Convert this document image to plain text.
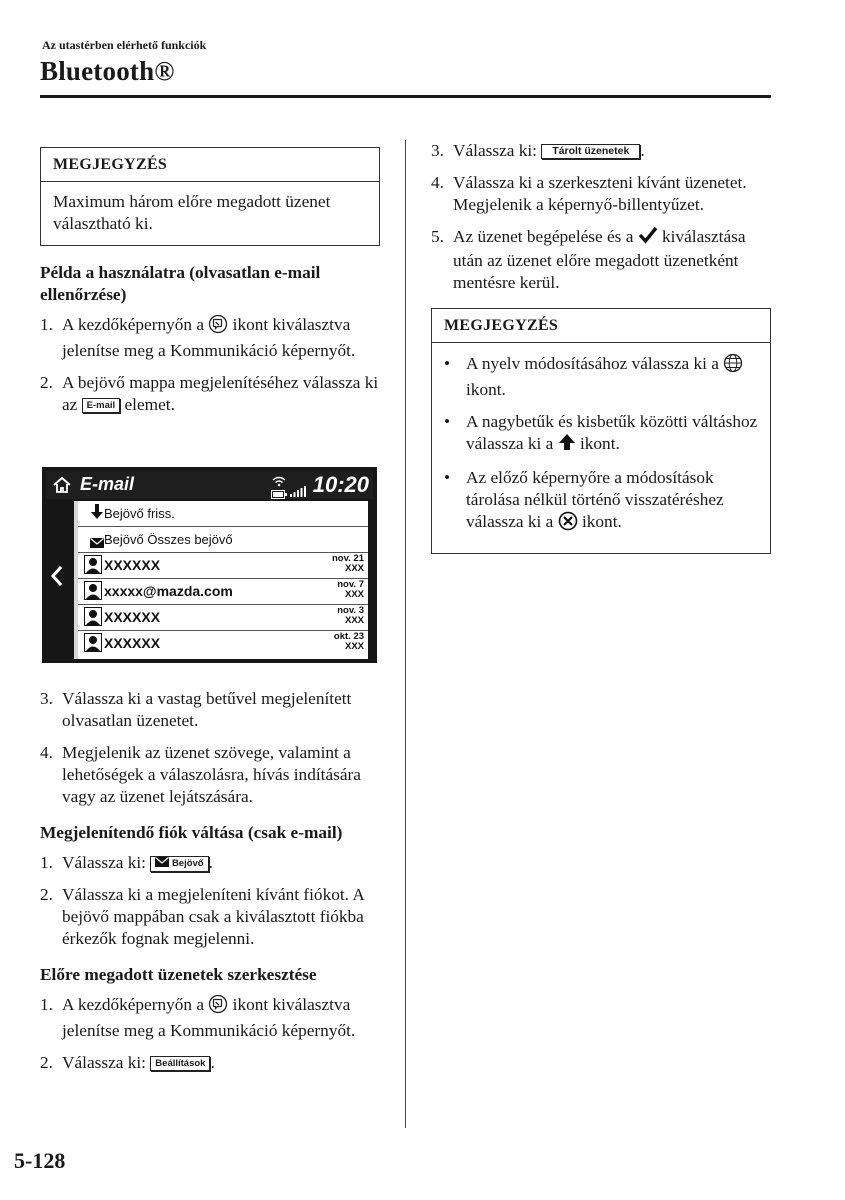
Az utastérben elérhető funkciók
Bluetooth®
MEGJEGYZÉS
Maximum három előre megadott üzenet választható ki.
Példa a használatra (olvasatlan e-mail ellenőrzése)
1. A kezdőképernyőn a  ikont kiválasztva jelenítse meg a Kommunikáció képernyőt.
2. A bejövő mappa megjelenítéséhez válassza ki az E-mail elemet.
E-mail	10:20
Bejövő friss.
Bejövő Összes bejövő
XXXXXX	nov. 21
XXX
xxxxx@mazda.com	nov. 7
XXX
XXXXXX	nov. 3
XXX
XXXXXX	okt. 23
XXX
3. Válassza ki a vastag betűvel megjelenített olvasatlan üzenetet.
4. Megjelenik az üzenet szövege, valamint a lehetőségek a válaszolásra, hívás indítására vagy az üzenet lejátszására.
Megjelenítendő fiók váltása (csak e-mail)
1. Válassza ki:  Bejövő .
2. Válassza ki a megjeleníteni kívánt fiókot. A bejövő mappában csak a kiválasztott fiókba érkezők fognak megjelenni.
Előre megadott üzenetek szerkesztése
1. A kezdőképernyőn a  ikont kiválasztva jelenítse meg a Kommunikáció képernyőt.
2. Válassza ki: Beállítások .
3. Válassza ki: Tárolt üzenetek .
4. Válassza ki a szerkeszteni kívánt üzenetet. Megjelenik a képernyő-billentyűzet.
5. Az üzenet begépelése és a  kiválasztása után az üzenet előre megadott üzenetként mentésre kerül.
MEGJEGYZÉS
• A nyelv módosításához válassza ki a  ikont.
• A nagybetűk és kisbetűk közötti váltáshoz válassza ki a  ikont.
• Az előző képernyőre a módosítások tárolása nélkül történő visszatéréshez válassza ki a  ikont.
5-128
